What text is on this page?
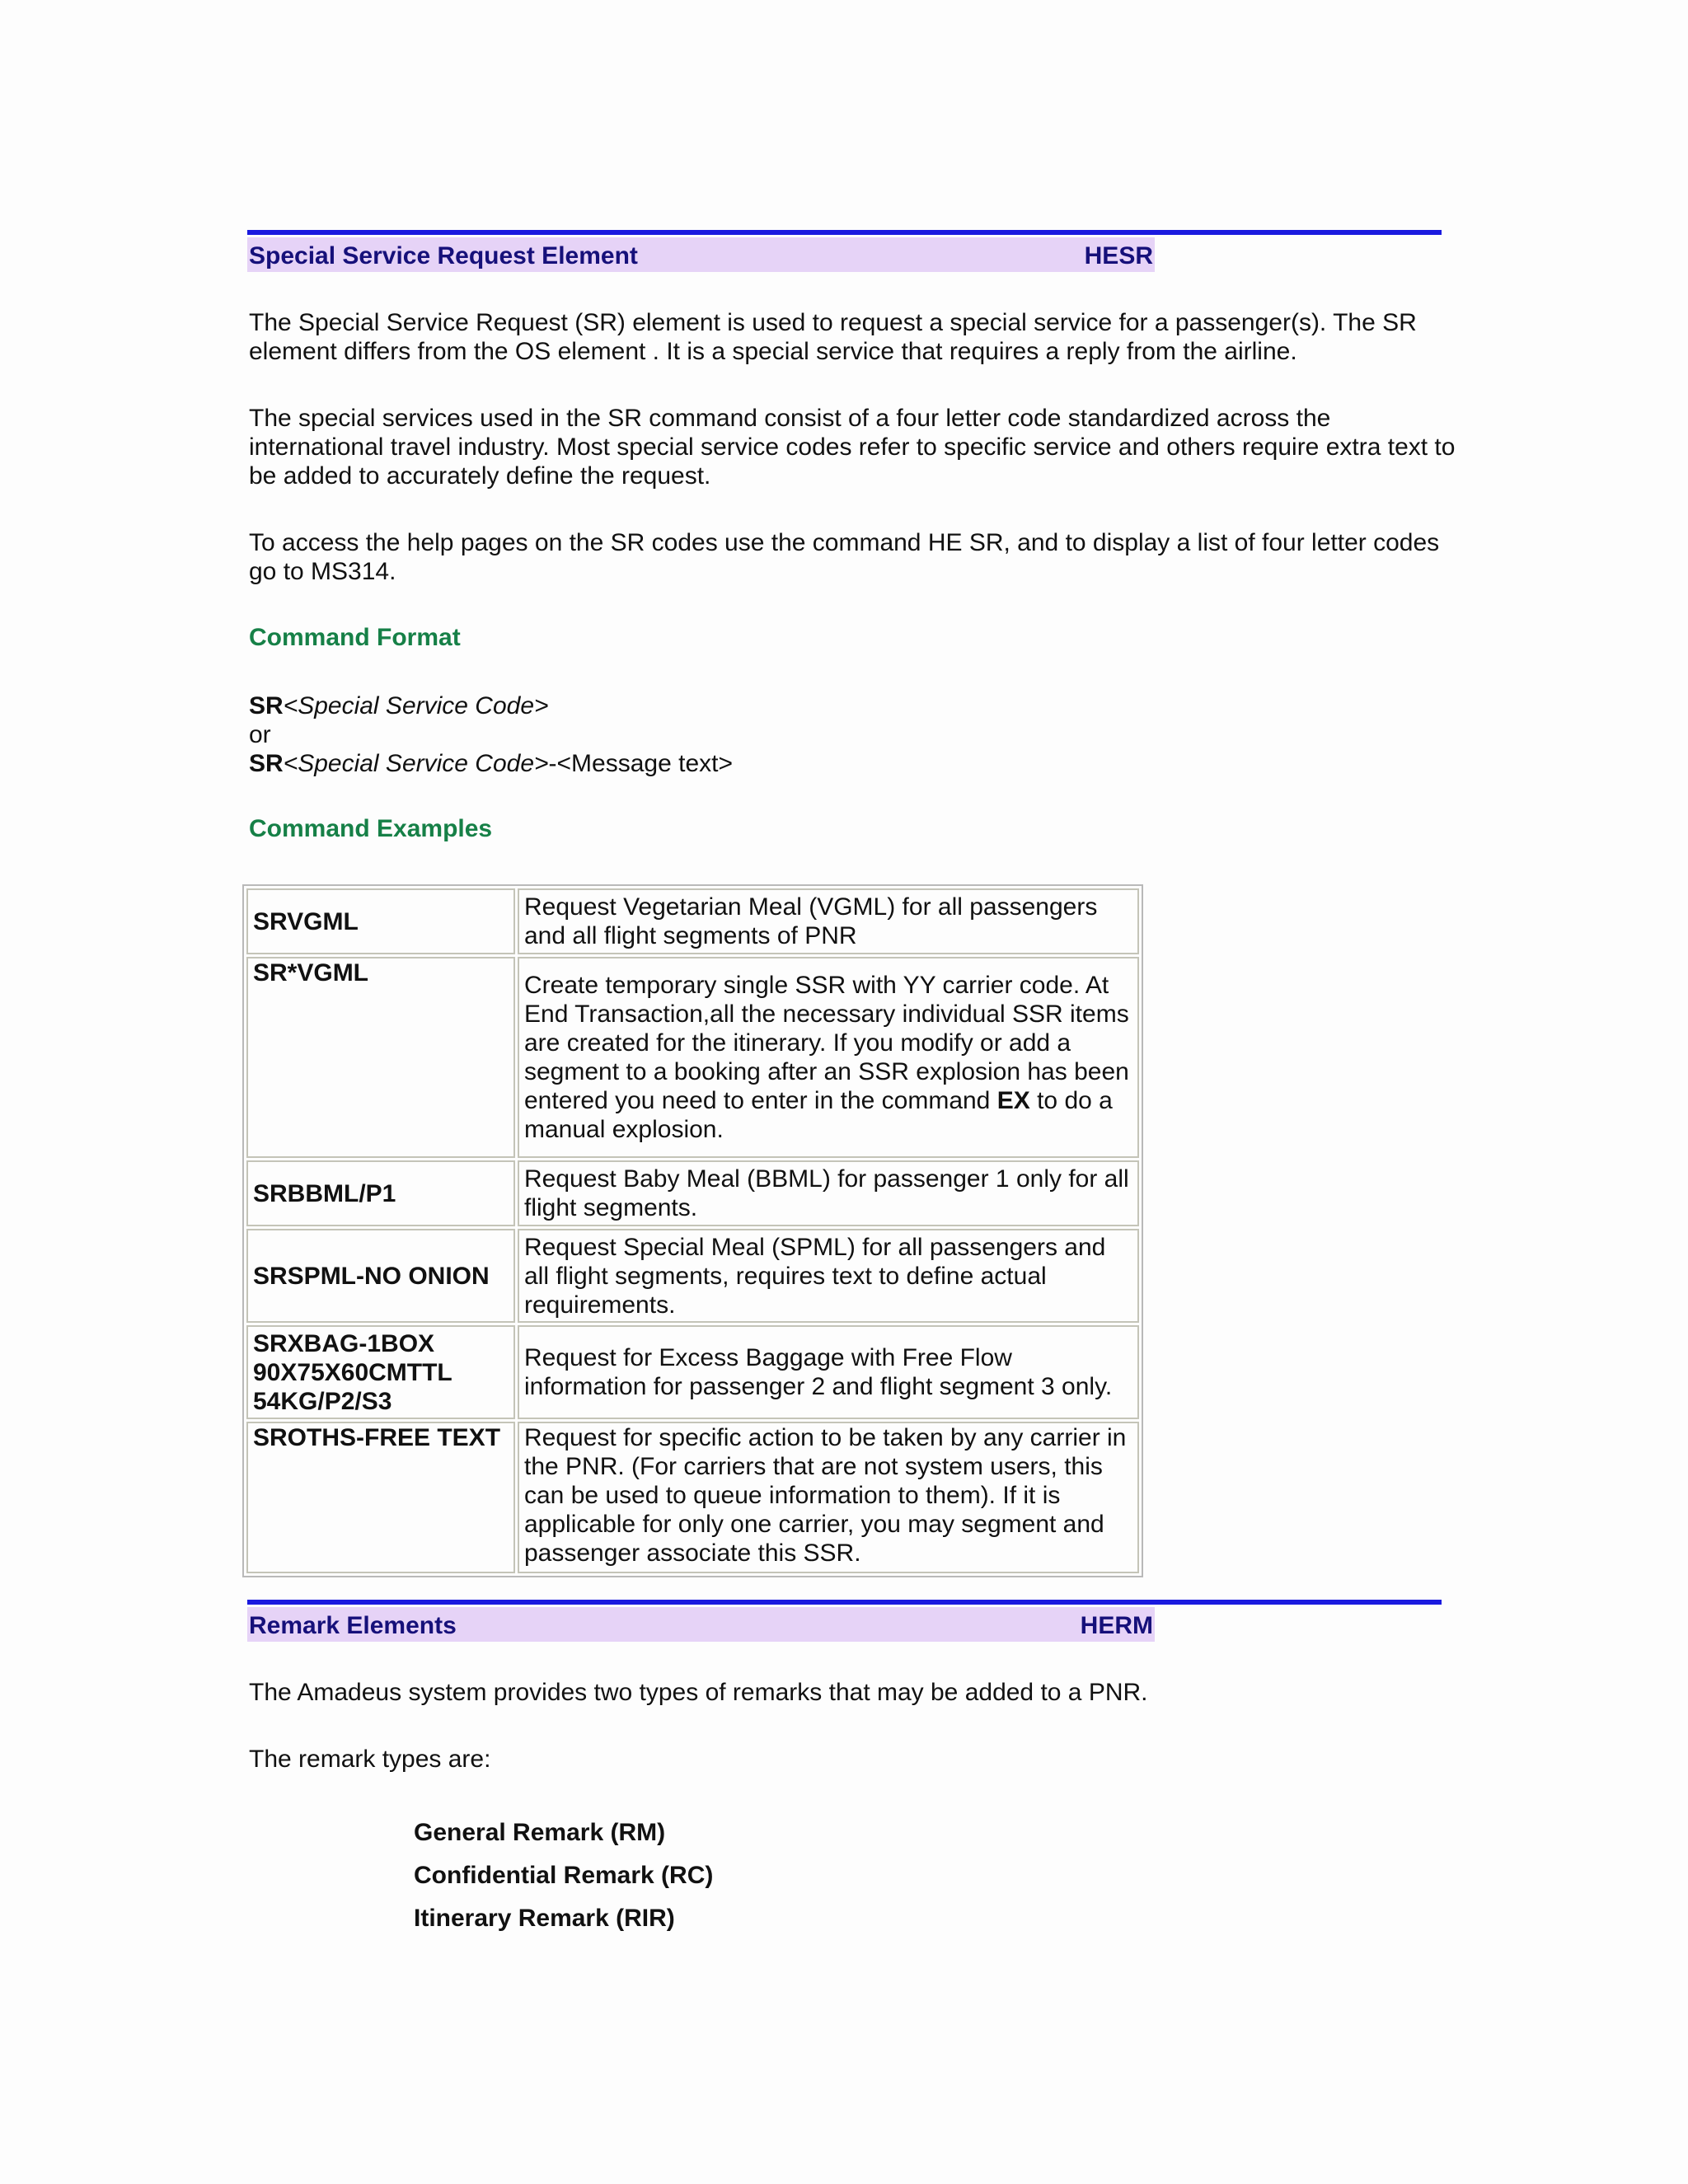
Special Service Request Element	HESR

The Special Service Request (SR) element is used to request a special service for a passenger(s). The SR element differs from the OS element . It is a special service that requires a reply from the airline.

The special services used in the SR command consist of a four letter code standardized across the international travel industry. Most special service codes refer to specific service and others require extra text to be added to accurately define the request.

To access the help pages on the SR codes use the command HE SR, and to display a list of four letter codes go to MS314.

Command Format
SR<Special Service Code>
or
SR<Special Service Code>-<Message text>
Command Examples
SRVGML	Request Vegetarian Meal (VGML) for all passengers and all flight segments of PNR
SR*VGML	Create temporary single SSR with YY carrier code. At End Transaction,all the necessary individual SSR items are created for the itinerary. If you modify or add a segment to a booking after an SSR explosion has been entered you need to enter in the command EX to do a manual explosion.
SRBBML/P1	Request Baby Meal (BBML) for passenger 1 only for all flight segments.
SRSPML-NO ONION	Request Special Meal (SPML) for all passengers and all flight segments, requires text to define actual requirements.
SRXBAG-1BOX 90X75X60CMTTL 54KG/P2/S3	Request for Excess Baggage with Free Flow information for passenger 2 and flight segment 3 only.
SROTHS-FREE TEXT	Request for specific action to be taken by any carrier in the PNR. (For carriers that are not system users, this can be used to queue information to them). If it is applicable for only one carrier, you may segment and passenger associate this SSR.
Remark Elements	HERM

The Amadeus system provides two types of remarks that may be added to a PNR.

The remark types are:

General Remark (RM)
Confidential Remark (RC)
Itinerary Remark (RIR)
